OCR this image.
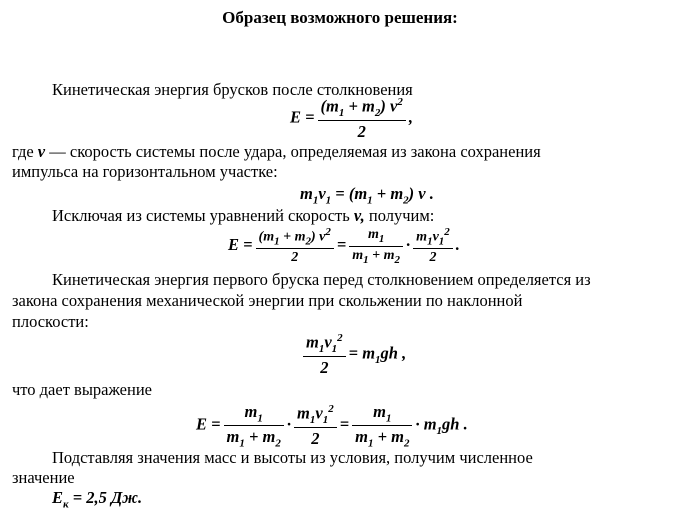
Образец возможного решения:
Кинетическая энергия брусков после столкновения
$E = \frac{(m_1 + m_2) v^2}{2}$ ,
где v — скорость системы после удара, определяемая из закона сохранения
импульса на горизонтальном участке:
$m_1v_1 = (m_1 + m_2)$ v .
Исключая из системы уравнений скорость v, получим:
$E = \frac{(m_1 + m_2) v^2}{2} = \frac{m_1}{m_1 + m_2} \cdot \frac{m_1v_1^2}{2}$ .
Кинетическая энергия первого бруска перед столкновением определяется из
закона сохранения механической энергии при скольжении по наклонной
плоскости:
$\frac{m_1v_1^2}{2} = m_1gh$ ,
что дает выражение
$E = \frac{m_1}{m_1 + m_2} \cdot \frac{m_1v_1^2}{2} = \frac{m_1}{m_1 + m_2} \cdot m_1gh$ .
Подставляя значения масс и высоты из условия, получим численное
значение
$E_к = 2,5$ Дж.
